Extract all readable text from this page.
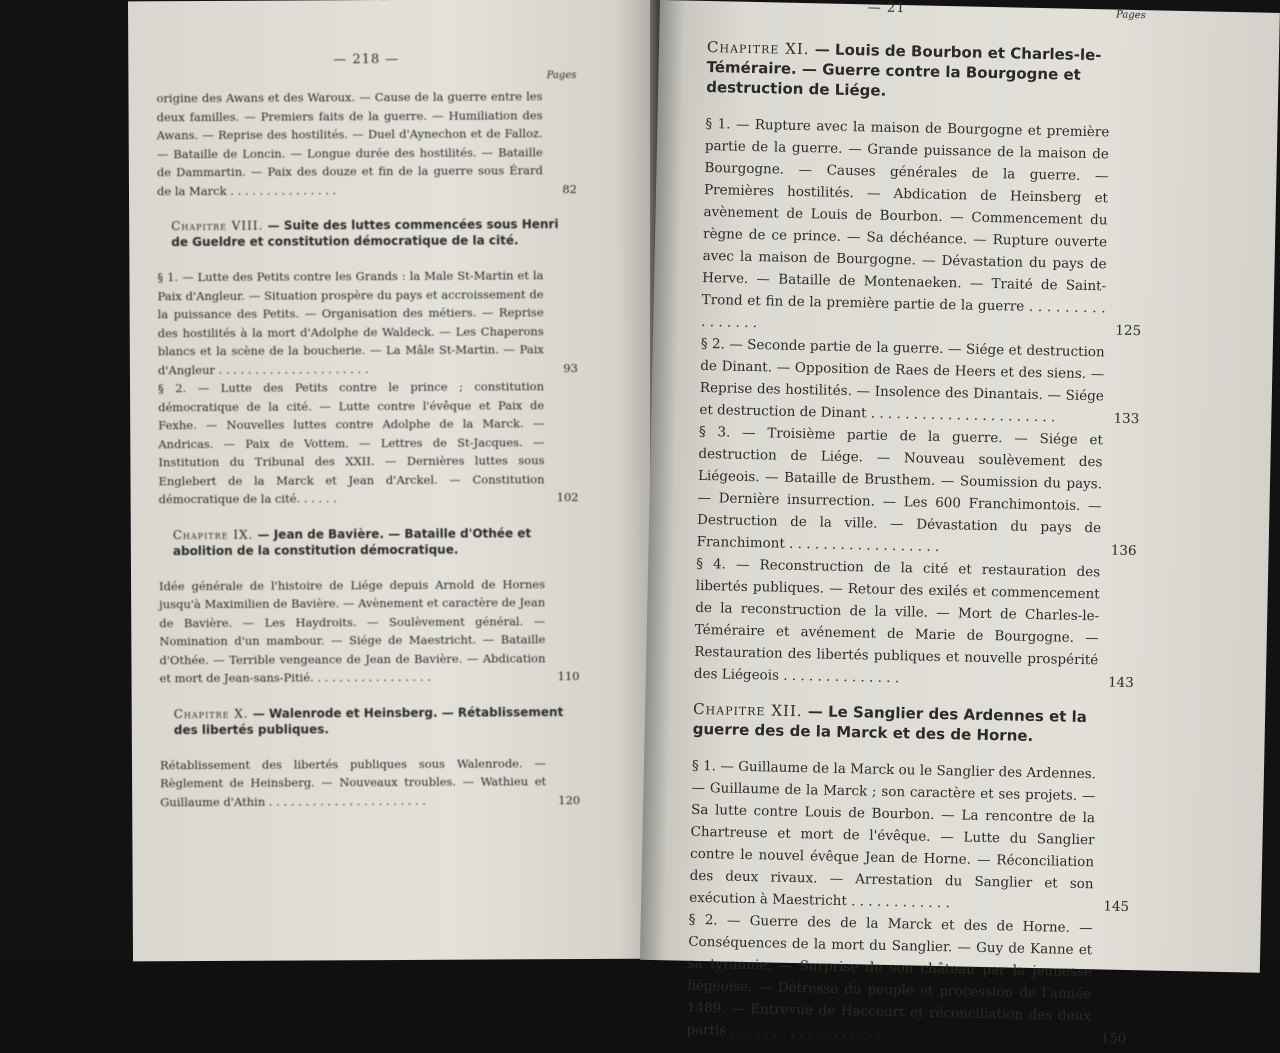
— 218 —
Pages
origine des Awans et des Waroux. — Cause de la guerre entre les deux familles. — Premiers faits de la guerre. — Humiliation des Awans. — Reprise des hostilités. — Duel d'Aynechon et de Falloz. — Bataille de Loncin. — Longue durée des hostilités. — Bataille de Dammartin. — Paix des douze et fin de la guerre sous Érard de la Marck . . . . . . . . . . . . . . .	82
Chapitre VIII. — Suite des luttes commencées sous Henri de Gueldre et constitution démocratique de la cité.
§ 1. — Lutte des Petits contre les Grands : la Male St-Martin et la Paix d'Angleur. — Situation prospère du pays et accroissement de la puissance des Petits. — Organisation des métiers. — Reprise des hostilités à la mort d'Adolphe de Waldeck. — Les Chaperons blancs et la scène de la boucherie. — La Mâle St-Martin. — Paix d'Angleur . . . . . . . . . . . . . . . . . . . . .	93
§ 2. — Lutte des Petits contre le prince ; constitution démocratique de la cité. — Lutte contre l'évêque et Paix de Fexhe. — Nouvelles luttes contre Adolphe de la Marck. — Andricas. — Paix de Vottem. — Lettres de St-Jacques. — Institution du Tribunal des XXII. — Dernières luttes sous Englebert de la Marck et Jean d'Arckel. — Constitution démocratique de la cité. . . . . .	102
Chapitre IX. — Jean de Bavière. — Bataille d'Othée et abolition de la constitution démocratique.
Idée générale de l'histoire de Liége depuis Arnold de Hornes jusqu'à Maximilien de Bavière. — Avènement et caractère de Jean de Bavière. — Les Haydroits. — Soulèvement général. — Nomination d'un mambour. — Siége de Maestricht. — Bataille d'Othée. — Terrible vengeance de Jean de Bavière. — Abdication et mort de Jean-sans-Pitié. . . . . . . . . . . . . . . . .	110
Chapitre X. — Walenrode et Heinsberg. — Rétablissement des libertés publiques.
Rétablissement des libertés publiques sous Walenrode. — Règlement de Heinsberg. — Nouveaux troubles. — Wathieu et Guillaume d'Athin . . . . . . . . . . . . . . . . . . . . . .	120
— 21	Pages
Chapitre XI. — Louis de Bourbon et Charles-le-Téméraire. — Guerre contre la Bourgogne et destruction de Liége.
§ 1. — Rupture avec la maison de Bourgogne et première partie de la guerre. — Grande puissance de la maison de Bourgogne. — Causes générales de la guerre. — Premières hostilités. — Abdication de Heinsberg et avènement de Louis de Bourbon. — Commencement du règne de ce prince. — Sa déchéance. — Rupture ouverte avec la maison de Bourgogne. — Dévastation du pays de Herve. — Bataille de Montenaeken. — Traité de Saint-Trond et fin de la première partie de la guerre . . . . . . . . . . . . . . . .	125
§ 2. — Seconde partie de la guerre. — Siége et destruction de Dinant. — Opposition de Raes de Heers et des siens. — Reprise des hostilités. — Insolence des Dinantais. — Siége et destruction de Dinant . . . . . . . . . . . . . . . . . . . . . .	133
§ 3. — Troisième partie de la guerre. — Siége et destruction de Liége. — Nouveau soulèvement des Liégeois. — Bataille de Brusthem. — Soumission du pays. — Dernière insurrection. — Les 600 Franchimontois. — Destruction de la ville. — Dévastation du pays de Franchimont . . . . . . . . . . . . . . . . . .	136
§ 4. — Reconstruction de la cité et restauration des libertés publiques. — Retour des exilés et commencement de la reconstruction de la ville. — Mort de Charles-le-Téméraire et avénement de Marie de Bourgogne. — Restauration des libertés publiques et nouvelle prospérité des Liégeois . . . . . . . . . . . . . .	143
Chapitre XII. — Le Sanglier des Ardennes et la guerre des de la Marck et des de Horne.
§ 1. — Guillaume de la Marck ou le Sanglier des Ardennes. — Guillaume de la Marck ; son caractère et ses projets. — Sa lutte contre Louis de Bourbon. — La rencontre de la Chartreuse et mort de l'évêque. — Lutte du Sanglier contre le nouvel évêque Jean de Horne. — Réconciliation des deux rivaux. — Arrestation du Sanglier et son exécution à Maestricht . . . . . . . . . . . .	145
§ 2. — Guerre des de la Marck et des de Horne. — Conséquences de la mort du Sanglier. — Guy de Kanne et sa tyrannie. — Surprise de son château par la jeunesse liégeoise. — Détresse du peuple et procession de l'année 1489. — Entrevue de Haccourt et réconciliation des deux partis . . . . . . . . . . . . . . . . . .	150
